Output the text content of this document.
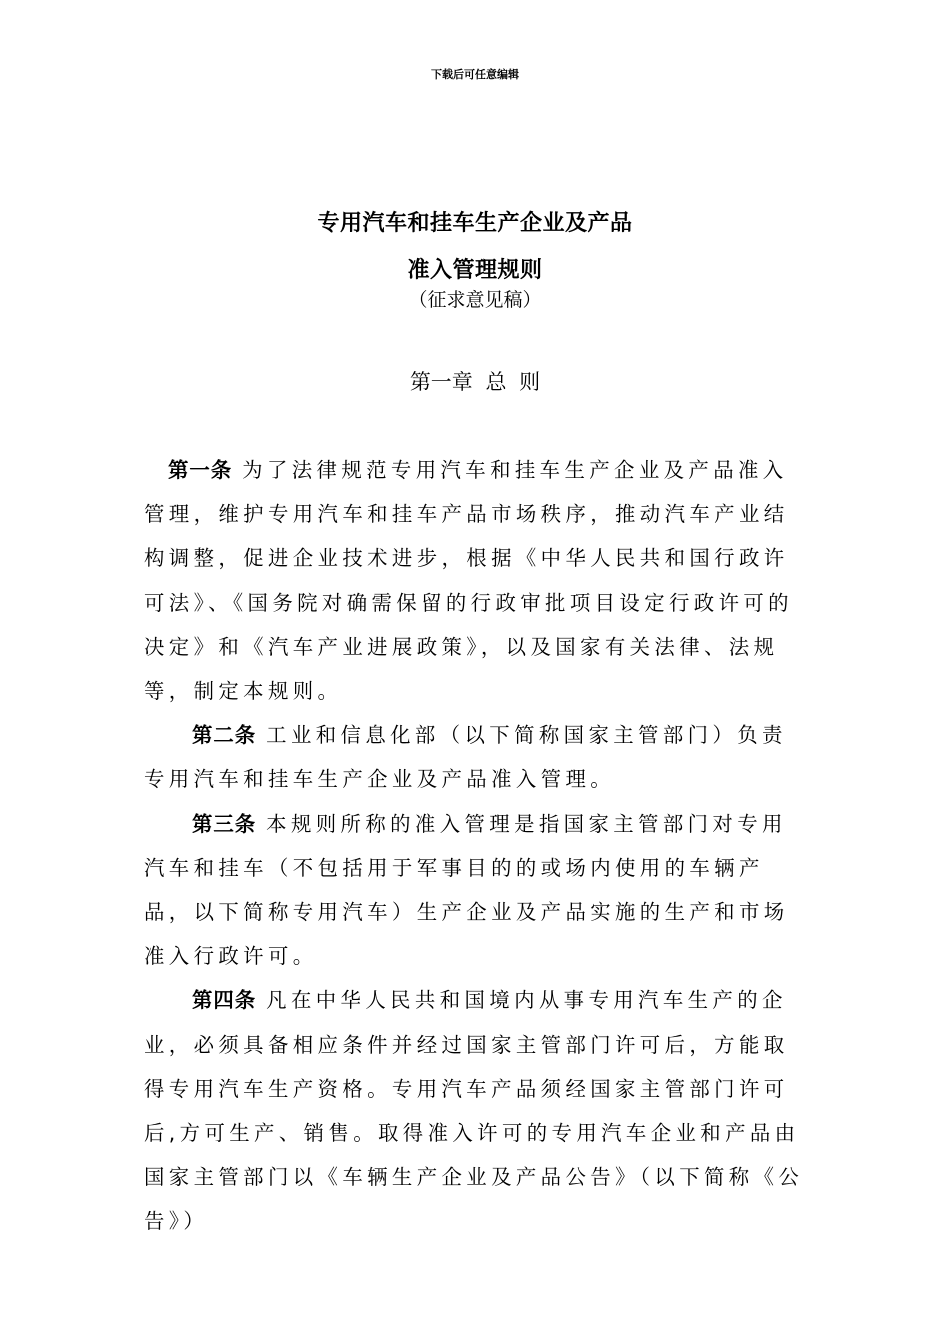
下载后可任意编辑
专用汽车和挂车生产企业及产品
准入管理规则
（征求意见稿）
第一章 总 则

第一条 为了法律规范专用汽车和挂车生产企业及产品准入管理，维护专用汽车和挂车产品市场秩序，推动汽车产业结构调整，促进企业技术进步，根据《中华人民共和国行政许可法》、《国务院对确需保留的行政审批项目设定行政许可的决定》和《汽车产业进展政策》，以及国家有关法律、法规等，制定本规则。

第二条 工业和信息化部（以下简称国家主管部门）负责专用汽车和挂车生产企业及产品准入管理。

第三条 本规则所称的准入管理是指国家主管部门对专用汽车和挂车（不包括用于军事目的的或场内使用的车辆产品，以下简称专用汽车）生产企业及产品实施的生产和市场准入行政许可。

第四条 凡在中华人民共和国境内从事专用汽车生产的企业，必须具备相应条件并经过国家主管部门许可后，方能取得专用汽车生产资格。专用汽车产品须经国家主管部门许可后,方可生产、销售。取得准入许可的专用汽车企业和产品由国家主管部门以《车辆生产企业及产品公告》（以下简称《公告》）
